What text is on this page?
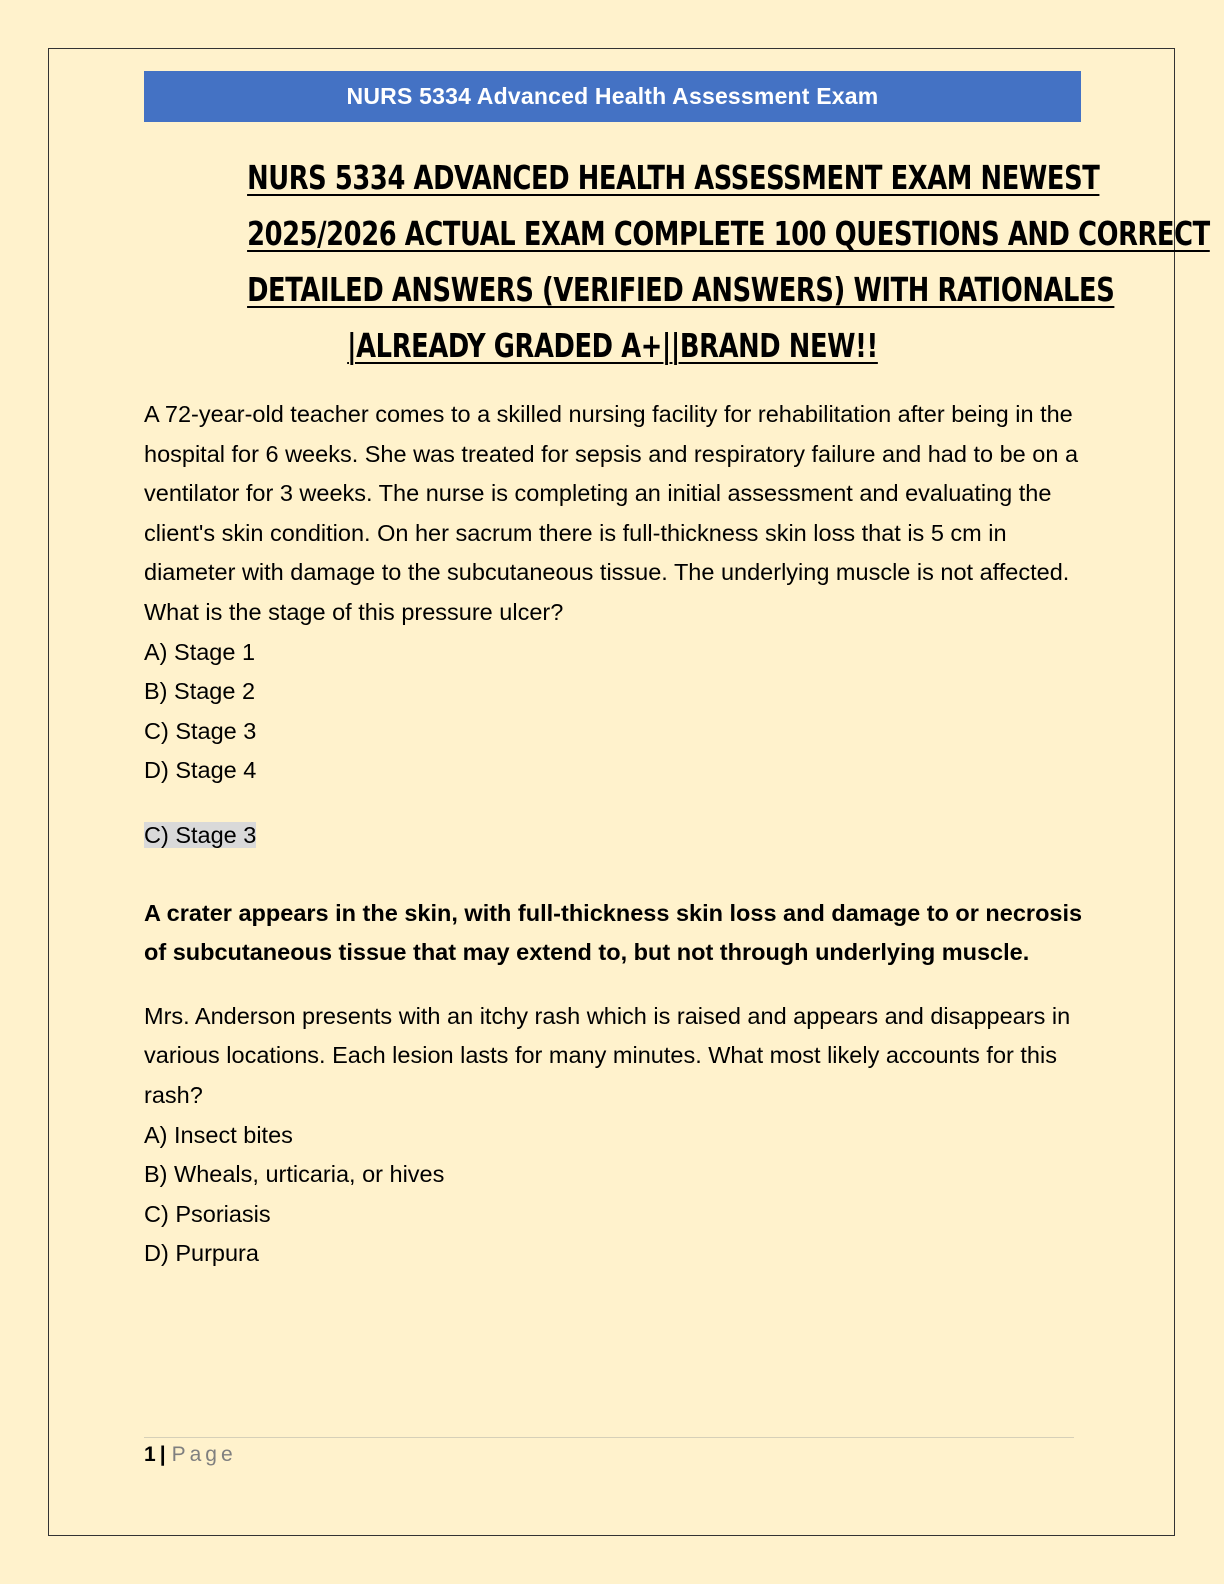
NURS 5334 Advanced Health Assessment Exam
NURS 5334 ADVANCED HEALTH ASSESSMENT EXAM NEWEST
2025/2026 ACTUAL EXAM COMPLETE 100 QUESTIONS AND CORRECT
DETAILED ANSWERS (VERIFIED ANSWERS) WITH RATIONALES
|ALREADY GRADED A+||BRAND NEW!!

A 72-year-old teacher comes to a skilled nursing facility for rehabilitation after being in the hospital for 6 weeks. She was treated for sepsis and respiratory failure and had to be on a ventilator for 3 weeks. The nurse is completing an initial assessment and evaluating the client's skin condition. On her sacrum there is full-thickness skin loss that is 5 cm in diameter with damage to the subcutaneous tissue. The underlying muscle is not affected. What is the stage of this pressure ulcer?

A) Stage 1
B) Stage 2
C) Stage 3
D) Stage 4

C) Stage 3

A crater appears in the skin, with full-thickness skin loss and damage to or necrosis of subcutaneous tissue that may extend to, but not through underlying muscle.

Mrs. Anderson presents with an itchy rash which is raised and appears and disappears in various locations. Each lesion lasts for many minutes. What most likely accounts for this rash?

A) Insect bites
B) Wheals, urticaria, or hives
C) Psoriasis
D) Purpura
1 | Page
